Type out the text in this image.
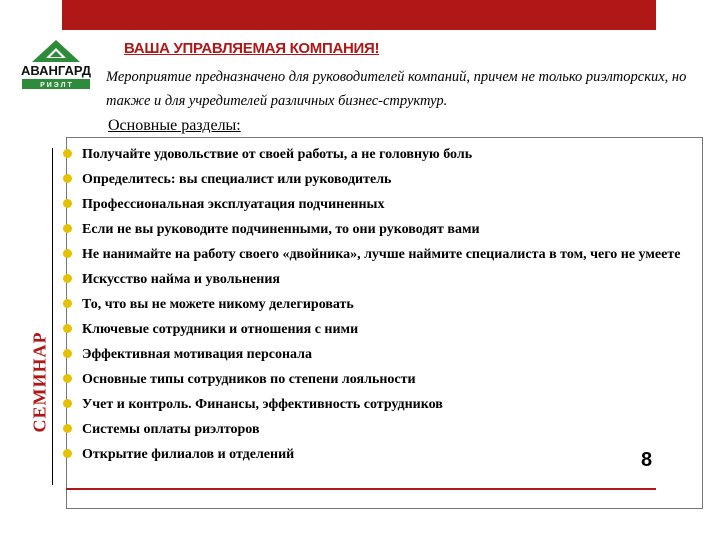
АВАНГАРД
Р И Э Л Т
ВАША УПРАВЛЯЕМАЯ КОМПАНИЯ!
Мероприятие предназначено для руководителей компаний, причем не только риэлторских, но также и для учредителей различных бизнес-структур.
Основные разделы:
СЕМИНАР
Получайте удовольствие от своей работы, а не головную боль
Определитесь: вы специалист или руководитель
Профессиональная эксплуатация подчиненных
Если не вы руководите подчиненными, то они руководят вами
Не нанимайте на работу своего «двойника», лучше наймите специалиста в том, чего не умеете
Искусство найма и увольнения
То, что вы не можете никому делегировать
Ключевые сотрудники и отношения с ними
Эффективная мотивация персонала
Основные типы сотрудников по степени лояльности
Учет и контроль. Финансы, эффективность сотрудников
Системы оплаты риэлторов
Открытие филиалов и отделений	8
